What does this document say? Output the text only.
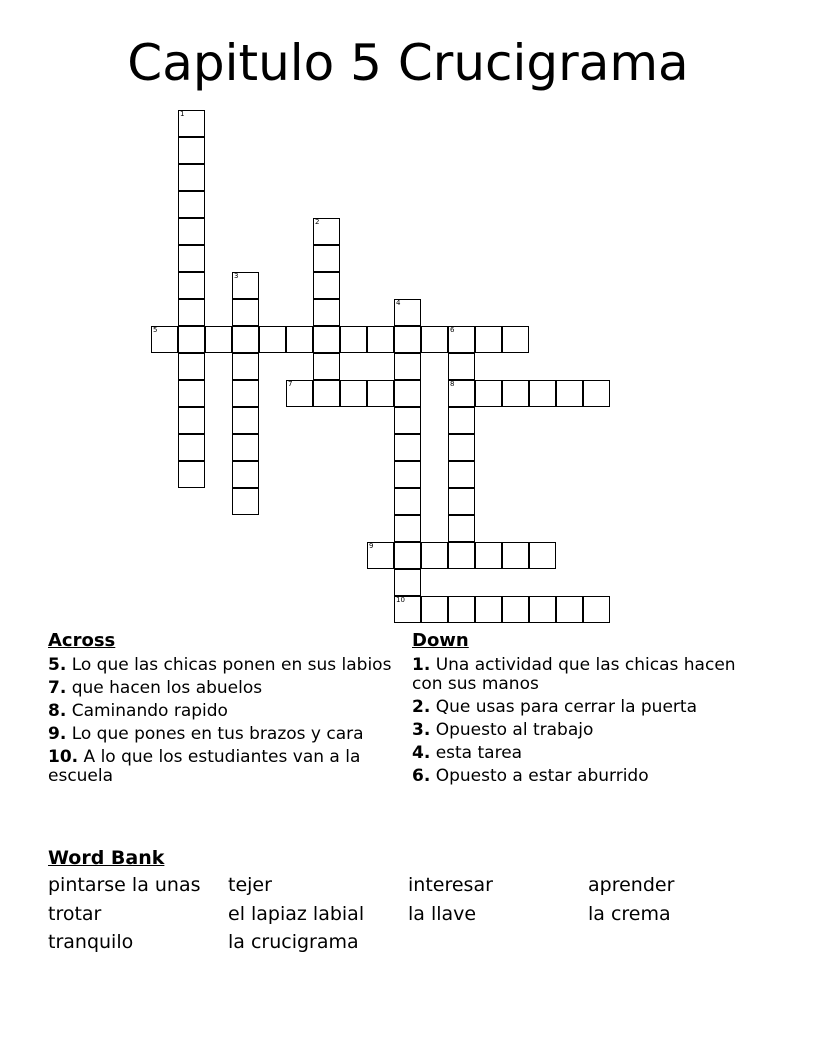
Capitulo 5 Crucigrama
1
2
3
4
10
5	6
8
7
9
Across
5. Lo que las chicas ponen en sus labios
7. que hacen los abuelos
8. Caminando rapido
9. Lo que pones en tus brazos y cara
10. A lo que los estudiantes van a la escuela
Down
1. Una actividad que las chicas hacen con sus manos
2. Que usas para cerrar la puerta
3. Opuesto al trabajo
4. esta tarea
6. Opuesto a estar aburrido
Word Bank
pintarse la unas	tejer	interesar	aprender
trotar	el lapiaz labial	la llave	la crema
tranquilo	la crucigrama
